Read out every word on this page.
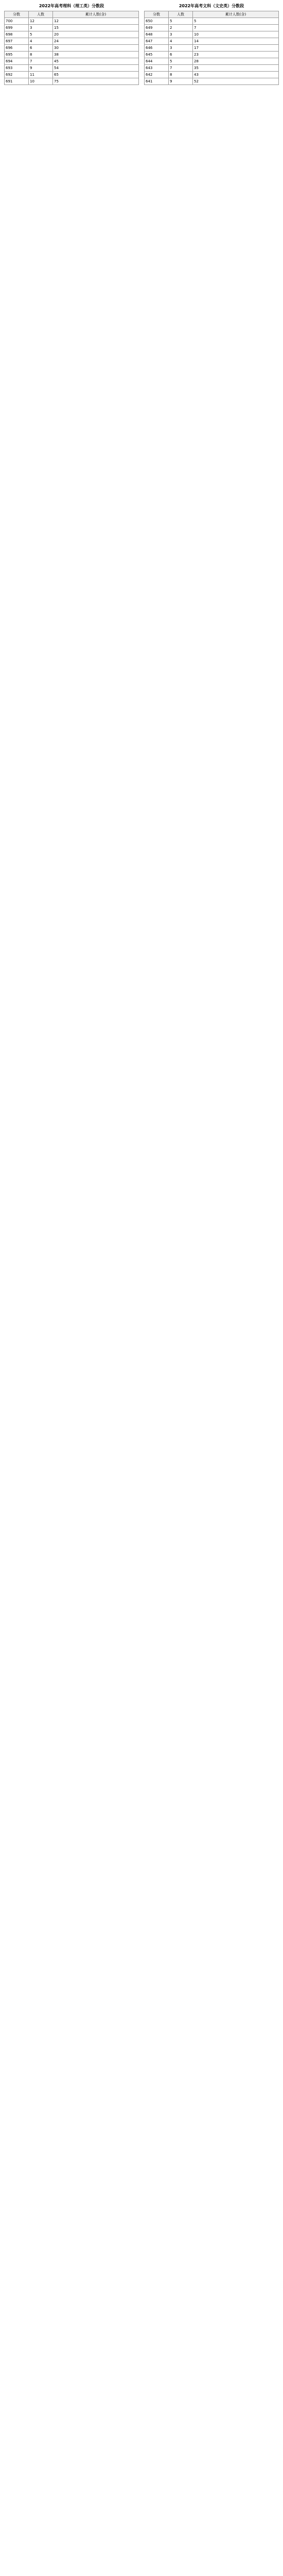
2022年高考理科（理工类）分数段	2022年高考文科（文史类）分数段
分数	人数	累计人数(含)
700	12	12
699	3	15
698	5	20
697	4	24
696	6	30
695	8	38
694	7	45
693	9	54
692	11	65
691	10	75
分数	人数	累计人数(含)
650	5	5
649	2	7
648	3	10
647	4	14
646	3	17
645	6	23
644	5	28
643	7	35
642	8	43
641	9	52
